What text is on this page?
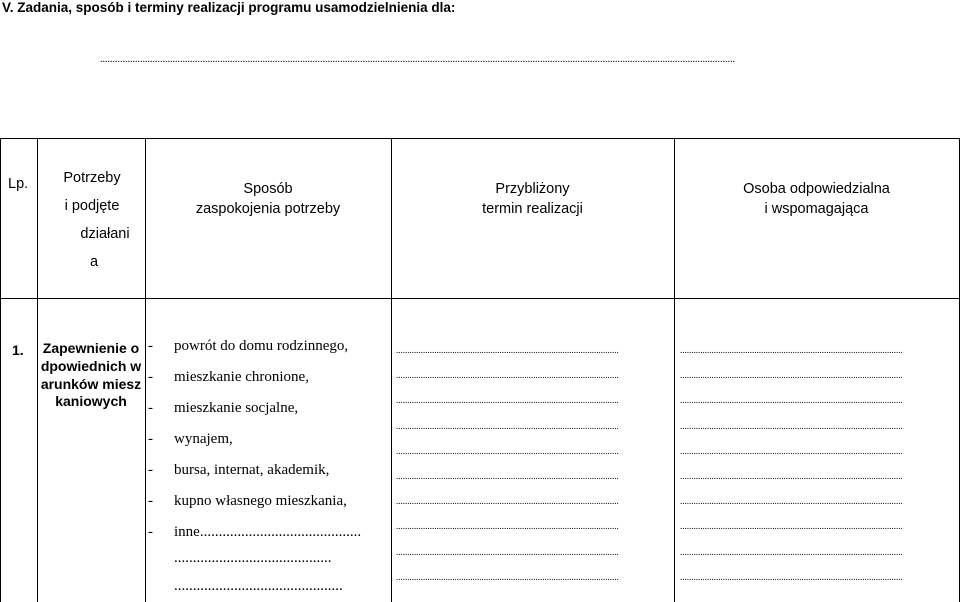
V. Zadania, sposób i terminy realizacji programu usamodzielnienia dla:
..............................................................................................................................................................................................................................................................
Lp.	Potrzeby
i podjęte
działani
a
Sposób
zaspokojenia potrzeby
Przybliżony
termin realizacji
Osoba odpowiedzialna
i wspomagająca
1. Zapewnienie odpowiednich warunków mieszkaniowych
- powrót do domu rodzinnego,
- mieszkanie chronione,
- mieszkanie socjalne,
- wynajem,
- bursa, internat, akademik,
- kupno własnego mieszkania,
- inne...........................................
..........................................
.............................................
...................................................................................................
...................................................................................................
...................................................................................................
...................................................................................................
...................................................................................................
...................................................................................................
...................................................................................................
...................................................................................................
...................................................................................................
...................................................................................................
...................................................................................................
...................................................................................................
...................................................................................................
...................................................................................................
...................................................................................................
...................................................................................................
...................................................................................................
...................................................................................................
...................................................................................................
...................................................................................................
